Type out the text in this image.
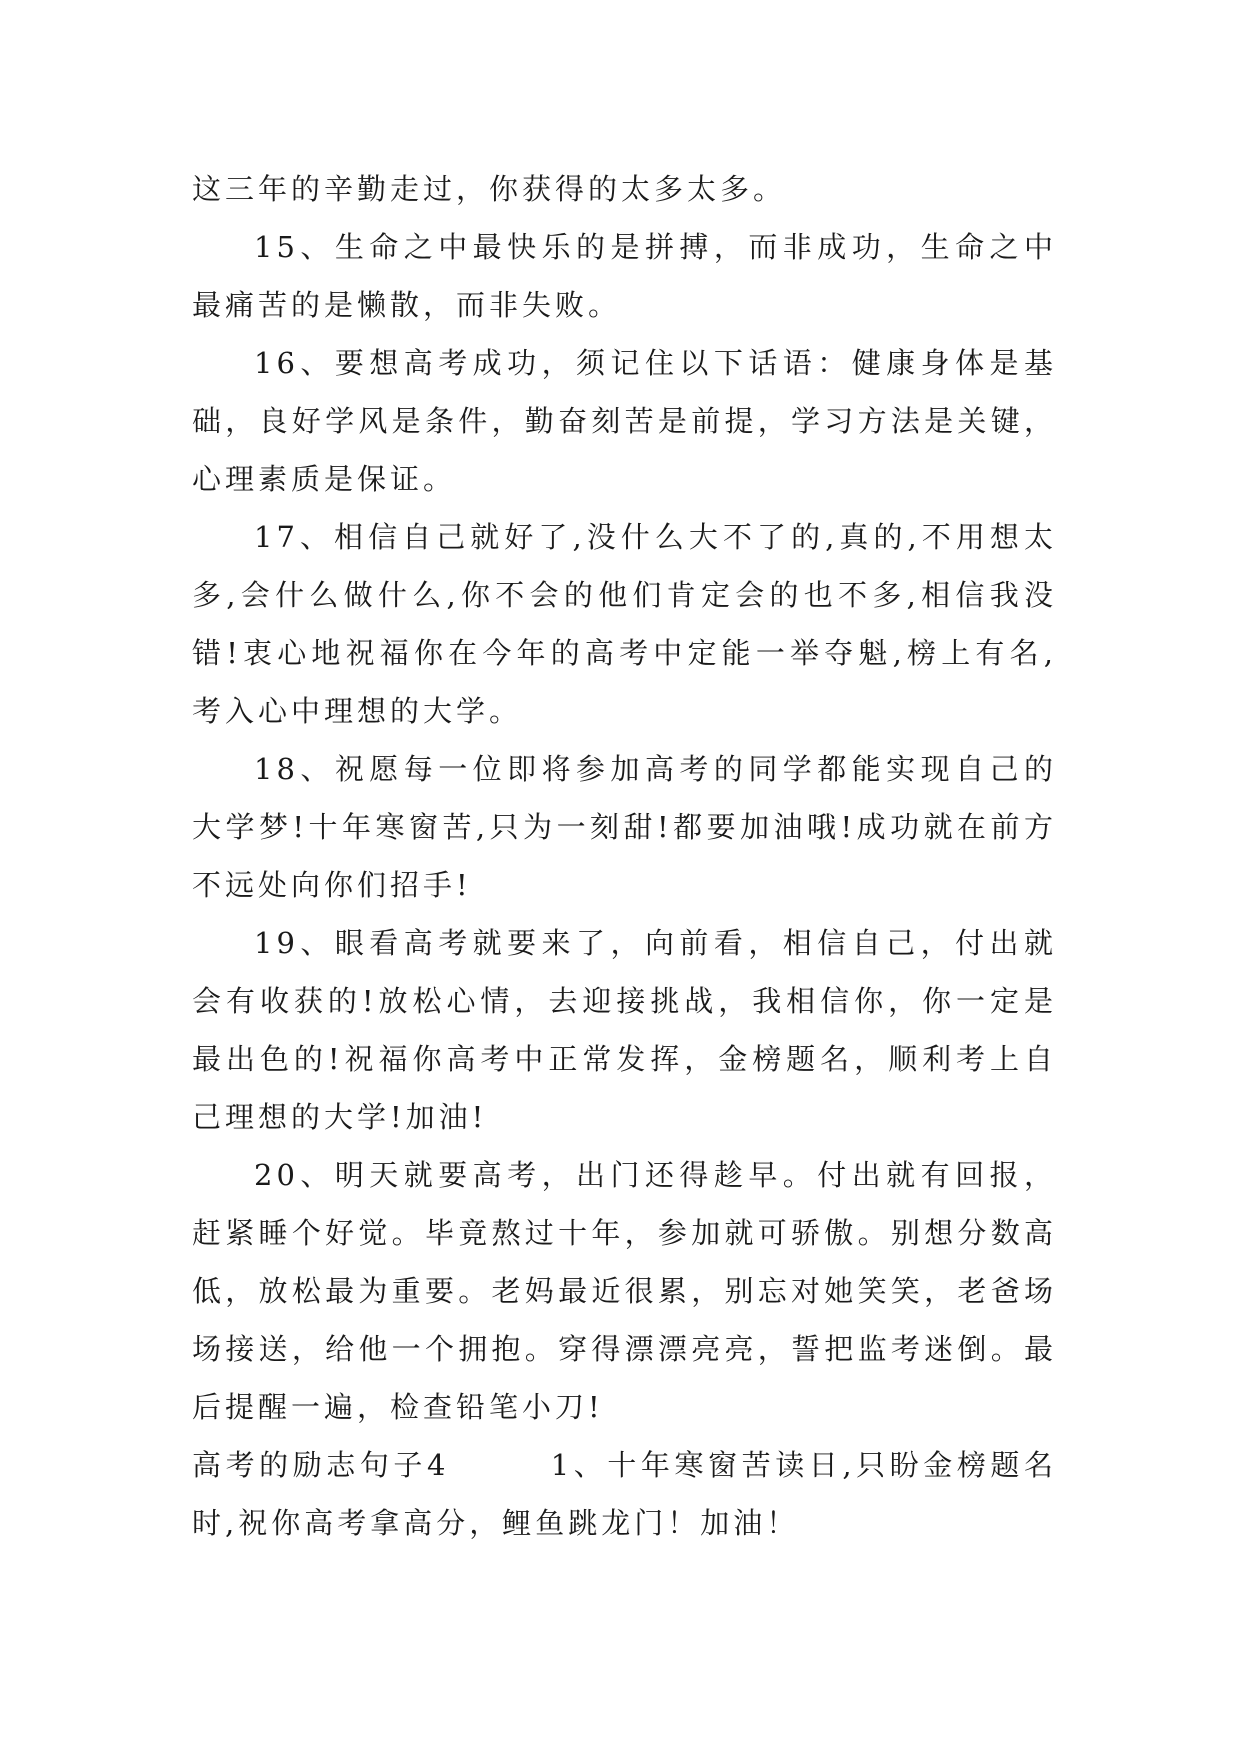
这三年的辛勤走过，你获得的太多太多。

15、生命之中最快乐的是拼搏，而非成功，生命之中最痛苦的是懒散，而非失败。

16、要想高考成功，须记住以下话语：健康身体是基础，良好学风是条件，勤奋刻苦是前提，学习方法是关键，心理素质是保证。

17、相信自己就好了,没什么大不了的,真的,不用想太多,会什么做什么,你不会的他们肯定会的也不多,相信我没错!衷心地祝福你在今年的高考中定能一举夺魁,榜上有名,考入心中理想的大学。

18、祝愿每一位即将参加高考的同学都能实现自己的大学梦!十年寒窗苦,只为一刻甜!都要加油哦!成功就在前方不远处向你们招手!

19、眼看高考就要来了，向前看，相信自己，付出就会有收获的!放松心情，去迎接挑战，我相信你，你一定是最出色的!祝福你高考中正常发挥，金榜题名，顺利考上自己理想的大学!加油!

20、明天就要高考，出门还得趁早。付出就有回报，赶紧睡个好觉。毕竟熬过十年，参加就可骄傲。别想分数高低，放松最为重要。老妈最近很累，别忘对她笑笑，老爸场场接送，给他一个拥抱。穿得漂漂亮亮，誓把监考迷倒。最后提醒一遍，检查铅笔小刀!

高考的励志句子4　　　1、十年寒窗苦读日,只盼金榜题名时,祝你高考拿高分，鲤鱼跳龙门！加油！
